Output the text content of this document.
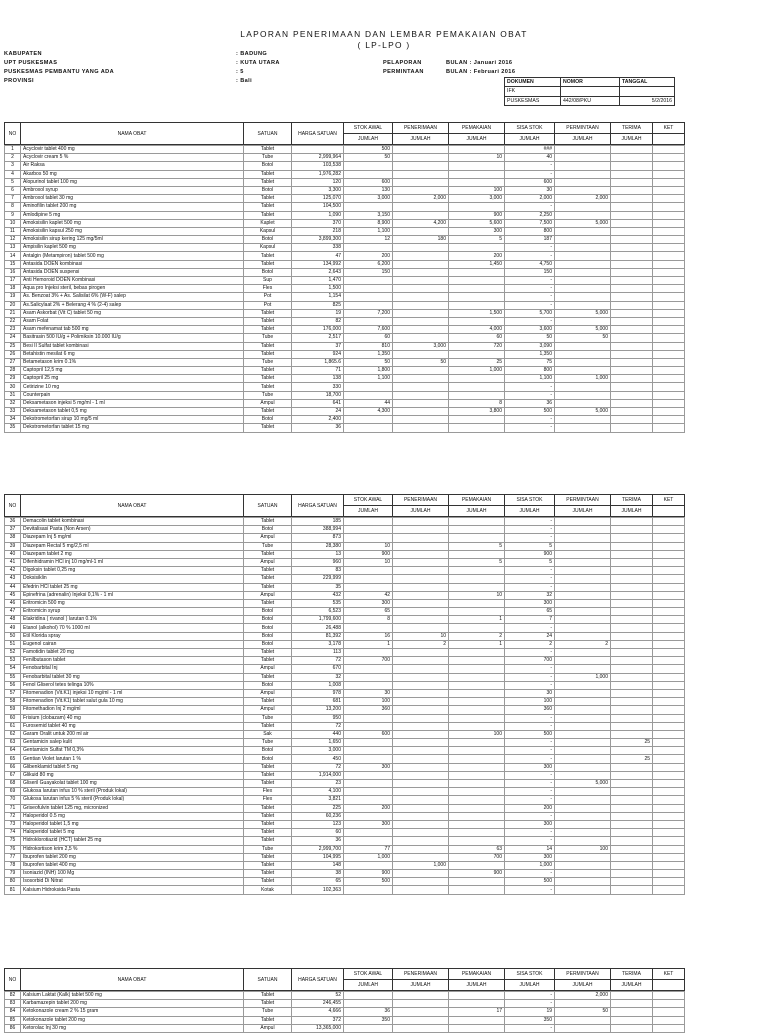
LAPORAN PENERIMAAN DAN LEMBAR PEMAKAIAN OBAT
( LP-LPO )
KABUPATEN	: BADUNG
UPT PUSKESMAS	: KUTA UTARA
PUSKESMAS PEMBANTU YANG ADA	: 5
PROVINSI	: Bali
PELAPORAN	BULAN : Januari 2016
PERMINTAAN	BULAN : Februari 2016
DOKUMEN	NOMOR	TANGGAL
IFK		
PUSKESMAS	442/08/PKU	5/2/2016
NO	NAMA OBAT	SATUAN	HARGA SATUAN	STOK AWAL	PENERIMAAN	PEMAKAIAN	SISA STOK	PERMINTAAN	TERIMA	KET
				JUMLAH	JUMLAH	JUMLAH	JUMLAH	JUMLAH	JUMLAH	
1	Acyclovir tablet 400 mg	Tablet		500			###			
2	Acyclovir cream 5 %	Tube	2,999,964	50		10	40			
3	Air Raksa	Botol	103,538				-			
4	Akarbos 50 mg	Tablet	1,976,282				-			
5	Alopurinol tablet 100 mg	Tablet	120	600			600			
6	Ambroxol syrup	Botol	3,300	130		100	30			
7	Ambroxol tablet 30 mg	Tablet	125,070	3,000	2,000	3,000	2,000	2,000		
8	Aminofilin tablet 200 mg	Tablet	104,500				-			
9	Amlodipine 5 mg	Tablet	1,090	3,150		900	2,250			
10	Amoksisilin kaplet 500 mg	Kaplet	370	8,900	4,200	5,600	7,500	5,000		
11	Amoksisilin kapsul 250 mg	Kapsul	218	1,100		300	800			
12	Amoksisilin sirup kering 125 mg/5ml	Botol	3,899,300	12	180	5	187			
13	Ampisilin kaplet 500 mg	Kapsul	338				-			
14	Antalgin (Metampiron) tablet 500 mg	Tablet	47	200		200	-			
15	Antasida DOEN kombinasi	Tablet	134,992	6,200		1,450	4,750			
16	Antasida DOEN suspensi	Botol	2,643	150			150			
17	Anti Hemoroid DOEN Kombinasi	Sup	1,470				-			
18	Aqua pro Injeksi steril, bebas pirogen	Fles	1,500				-			
19	As. Benzoat 3% + As. Salisilat 6% (W-F) salep	Pot	1,154				-			
20	As.Salicylaat 2% + Belerang 4 % (2-4) salep	Pot	825				-			
21	Asam Askorbat (Vit C) tablet 50 mg	Tablet	19	7,200		1,500	5,700	5,000		
22	Asam Folat	Tablet	82				-			
23	Asam mefenamat tab 500 mg	Tablet	176,000	7,600		4,000	3,600	5,000		
24	Basitrasin 500 IU/g + Polimiksin 10.000 IU/g	Tube	2,517	60		60	50	50		
25	Besi II Sulfat tablet kombinasi	Tablet	37	810	3,000	720	3,090			
26	Betahistin mesilat 6 mg	Tablet	924	1,350			1,350			
27	Betametason krim 0.1%	Tube	1,865.6	50	50	25	75			
28	Captopril 12,5 mg	Tablet	71	1,800		1,000	800			
29	Captopril 25 mg	Tablet	138	1,100			1,100	1,000		
30	Cetirizine 10 mg	Tablet	330				-			
31	Counterpain	Tube	18,700				-			
32	Deksametason injeksi 5 mg/ml - 1 ml	Ampul	641	44		8	36			
33	Deksametason tablet 0,5 mg	Tablet	24	4,300		3,800	500	5,000		
34	Dekstrometorfan sirup 10 mg/5 ml	Botol	2,400				-			
35	Dekstrometorfan tablet 15 mg	Tablet	36				-			
NO	NAMA OBAT	SATUAN	HARGA SATUAN	STOK AWAL	PENERIMAAN	PEMAKAIAN	SISA STOK	PERMINTAAN	TERIMA	KET
				JUMLAH	JUMLAH	JUMLAH	JUMLAH	JUMLAH	JUMLAH	
36	Demacolin tablet kombinasi	Tablet	185				-			
37	Devitalisasi Pasta (Non Arsen)	Botol	388,994				-			
38	Diazepam Inj 5 mg/ml	Ampul	873				-			
39	Diazepam Rectal 5 mg/2,5 ml	Tube	28,380	10		5	5			
40	Diazepam tablet 2 mg	Tablet	13	900			900			
41	Difenhidramin HCl inj 10 mg/ml-1 ml	Ampul	960	10		5	5			
42	Digoksin tablet 0,25 mg	Tablet	83				-			
43	Doksisiklin	Tablet	229,999				-			
44	Efedrin HCl tablet 25 mg	Tablet	35				-			
45	Epinefrina (adrenalin) Injeksi 0,1% - 1 ml	Ampul	432	42		10	32			
46	Eritromicin 500 mg	Tablet	535	300			300			
47	Eritromicin syrup	Botol	6,523	65			65			
48	Etakridina ( rivanol ) larutan 0.1%	Botol	1,799,600	8		1	7			
49	Etanol (alkohol) 70 % 1000 ml	Botol	26,488				-			
50	Etil Klorida spray	Botol	81,392	16	10	2	24			
51	Eugenol cairan	Botol	3,178	1	2	1	2	2		
52	Famotidin tablet 20 mg	Tablet	113				-			
53	Fenilbutason tablet	Tablet	72	700			700			
54	Fenobarbital Inj	Ampul	670				-			
55	Fenobarbital tablet 30 mg	Tablet	32				-	1,000		
56	Fenol Gliserol tetes telinga 10%	Botol	1,008				-			
57	Fitomenadion (Vit.K1) injeksi 10 mg/ml - 1 ml	Ampul	978	30			30			
58	Fitomenadion (Vit.K1) tablet salut gula 10 mg	Tablet	681	100			100			
59	Fitomethadion Inj 2 mg/ml	Ampul	13,200	360			360			
60	Frisium (clobazam) 40 mg	Tube	950				-			
61	Furosemid tablet 40 mg	Tablet	72				-			
62	Garam Oralit untuk 200 ml air	Sak	440	600		100	500			
63	Gentamicin salep kulit	Tube	1,650				-		25	
64	Gentamicin Sulfat TM 0,3%	Botol	3,000				-			
65	Gentian Violet larutan 1 %	Botol	450				-		25	
66	Glibenklamid tablet 5 mg	Tablet	72	300			300			
67	Glikuid 80 mg	Tablet	1,914,000				-			
68	Gliseril Guayakolat tablet 100 mg	Tablet	23				-	5,000		
69	Glukosa larutan infus 10 % steril (Produk lokal)	Flex	4,100				-			
70	Glukosa larutan infus 5 % steril (Produk lokal)	Flex	3,821				-			
71	Griseofulvin tablet 125 mg, micronized	Tablet	225	200			200			
72	Haloperidol 0.5 mg	Tablet	60,236				-			
73	Haloperidol tablet 1,5 mg	Tablet	123	300			300			
74	Haloperidol tablet 5 mg	Tablet	60				-			
75	Hidroklorotiazid (HCT) tablet 25 mg	Tablet	36				-			
76	Hidrokortison krim 2,5 %	Tube	2,999,700	77		63	14	100		
77	Ibuprofen tablet 200 mg	Tablet	104,995	1,000		700	300			
78	Ibuprofen tablet 400 mg	Tablet	148		1,000		1,000			
79	Isoniazid (INH) 100 Mg	Tablet	38	900		900	-			
80	Isosorbid Di Nitrat	Tablet	65	500			500			
81	Kalsium Hidroksida Pasta	Kotak	102,363				-			
NO	NAMA OBAT	SATUAN	HARGA SATUAN	STOK AWAL	PENERIMAAN	PEMAKAIAN	SISA STOK	PERMINTAAN	TERIMA	KET
				JUMLAH	JUMLAH	JUMLAH	JUMLAH	JUMLAH	JUMLAH	
82	Kalsium Laktat (Kalk) tablet 500 mg	Tablet	52				-	2,000		
83	Karbamazepin tablet 200 mg	Tablet	246,455				-			
84	Ketokonazole cream 2 % 15 gram	Tube	4,666	36		17	19	50		
85	Ketokonazole tablet 200 mg	Tablet	372	350			350			
86	Ketorolac Inj 30 mg	Ampul	13,365,000				-			
